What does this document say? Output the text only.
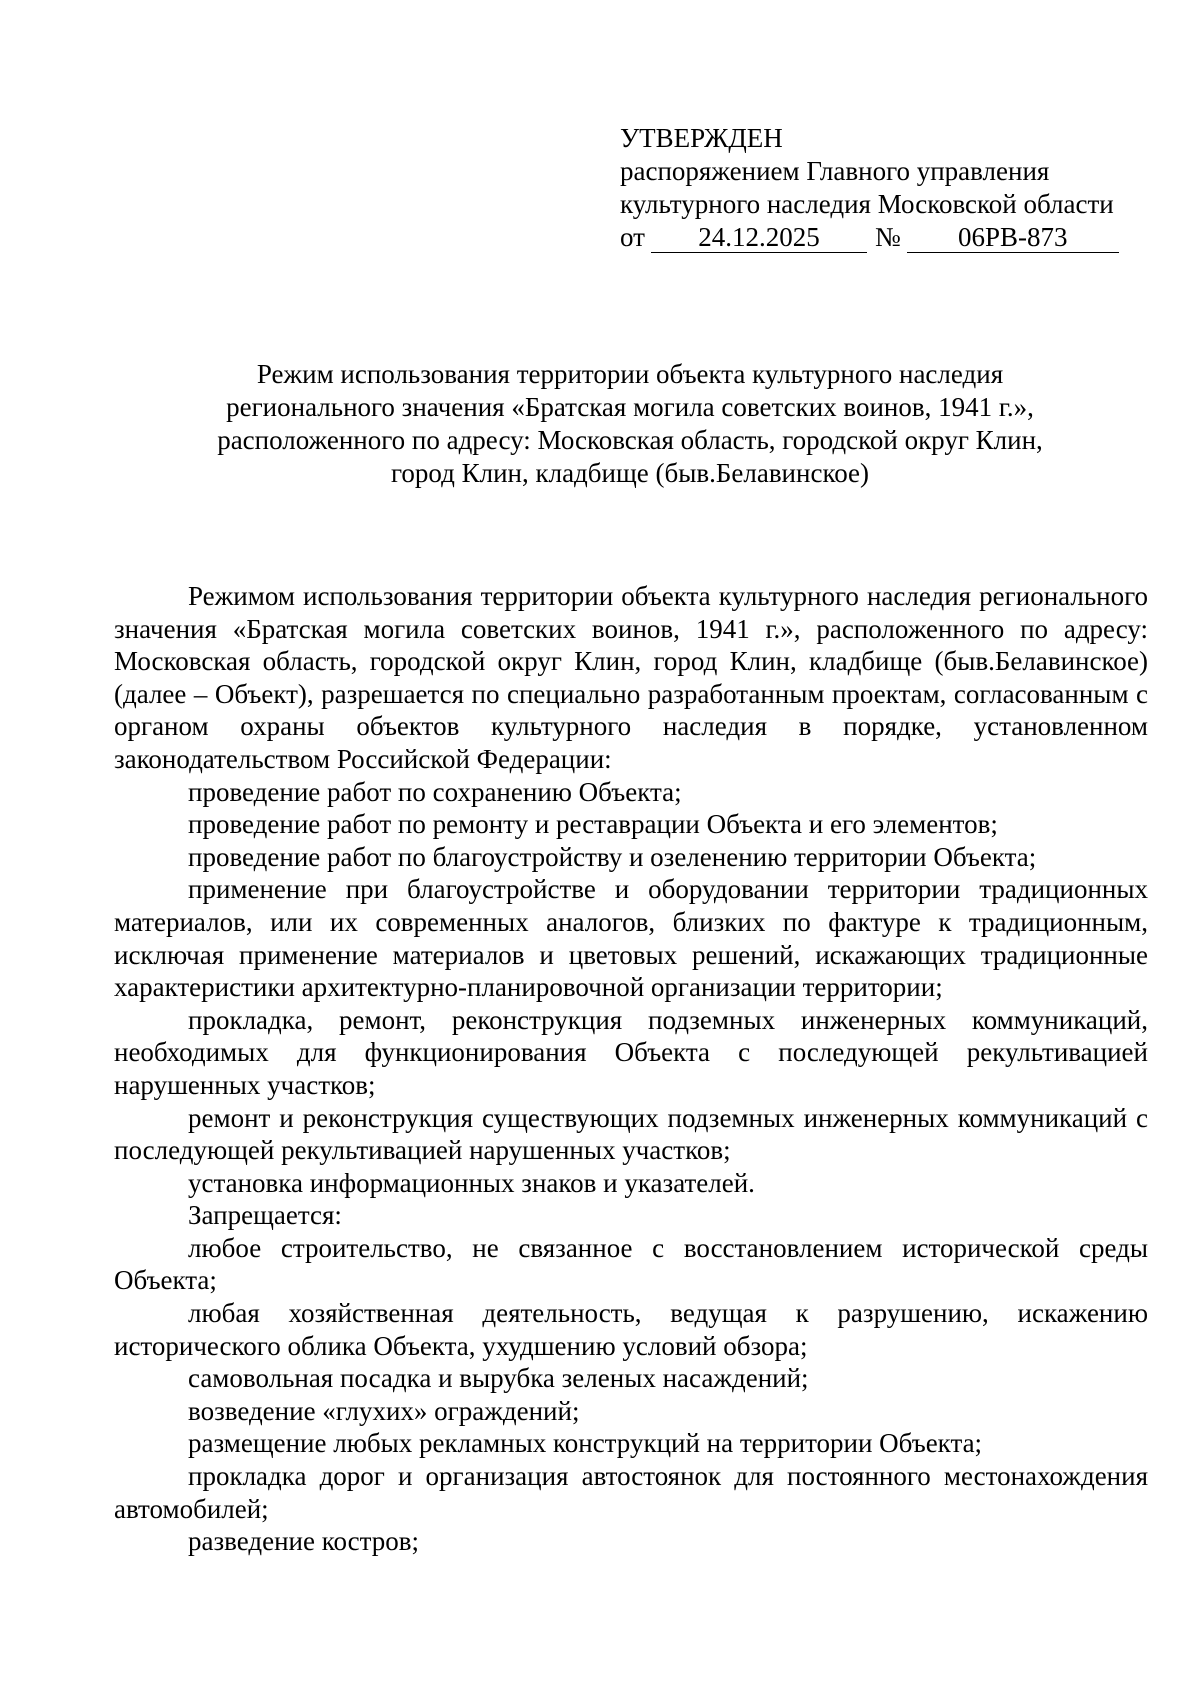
УТВЕРЖДЕН
распоряжением Главного управления
культурного наследия Московской области
от	24.12.2025	№	06РВ-873
Режим использования территории объекта культурного наследия
регионального значения «Братская могила советских воинов, 1941 г.»,
расположенного по адресу: Московская область, городской округ Клин,
город Клин, кладбище (быв.Белавинское)

Режимом использования территории объекта культурного наследия регионального значения «Братская могила советских воинов, 1941 г.», расположенного по адресу: Московская область, городской округ Клин, город Клин, кладбище (быв.Белавинское) (далее – Объект), разрешается по специально разработанным проектам, согласованным с органом охраны объектов культурного наследия в порядке, установленном законодательством Российской Федерации:

проведение работ по сохранению Объекта;

проведение работ по ремонту и реставрации Объекта и его элементов;

проведение работ по благоустройству и озеленению территории Объекта;

применение при благоустройстве и оборудовании территории традиционных материалов, или их современных аналогов, близких по фактуре к традиционным, исключая применение материалов и цветовых решений, искажающих традиционные характеристики архитектурно-планировочной организации территории;

прокладка, ремонт, реконструкция подземных инженерных коммуникаций, необходимых для функционирования Объекта с последующей рекультивацией нарушенных участков;

ремонт и реконструкция существующих подземных инженерных коммуникаций с последующей рекультивацией нарушенных участков;

установка информационных знаков и указателей.

Запрещается:

любое строительство, не связанное с восстановлением исторической среды Объекта;

любая хозяйственная деятельность, ведущая к разрушению, искажению исторического облика Объекта, ухудшению условий обзора;

самовольная посадка и вырубка зеленых насаждений;

возведение «глухих» ограждений;

размещение любых рекламных конструкций на территории Объекта;

прокладка дорог и организация автостоянок для постоянного местонахождения автомобилей;

разведение костров;
